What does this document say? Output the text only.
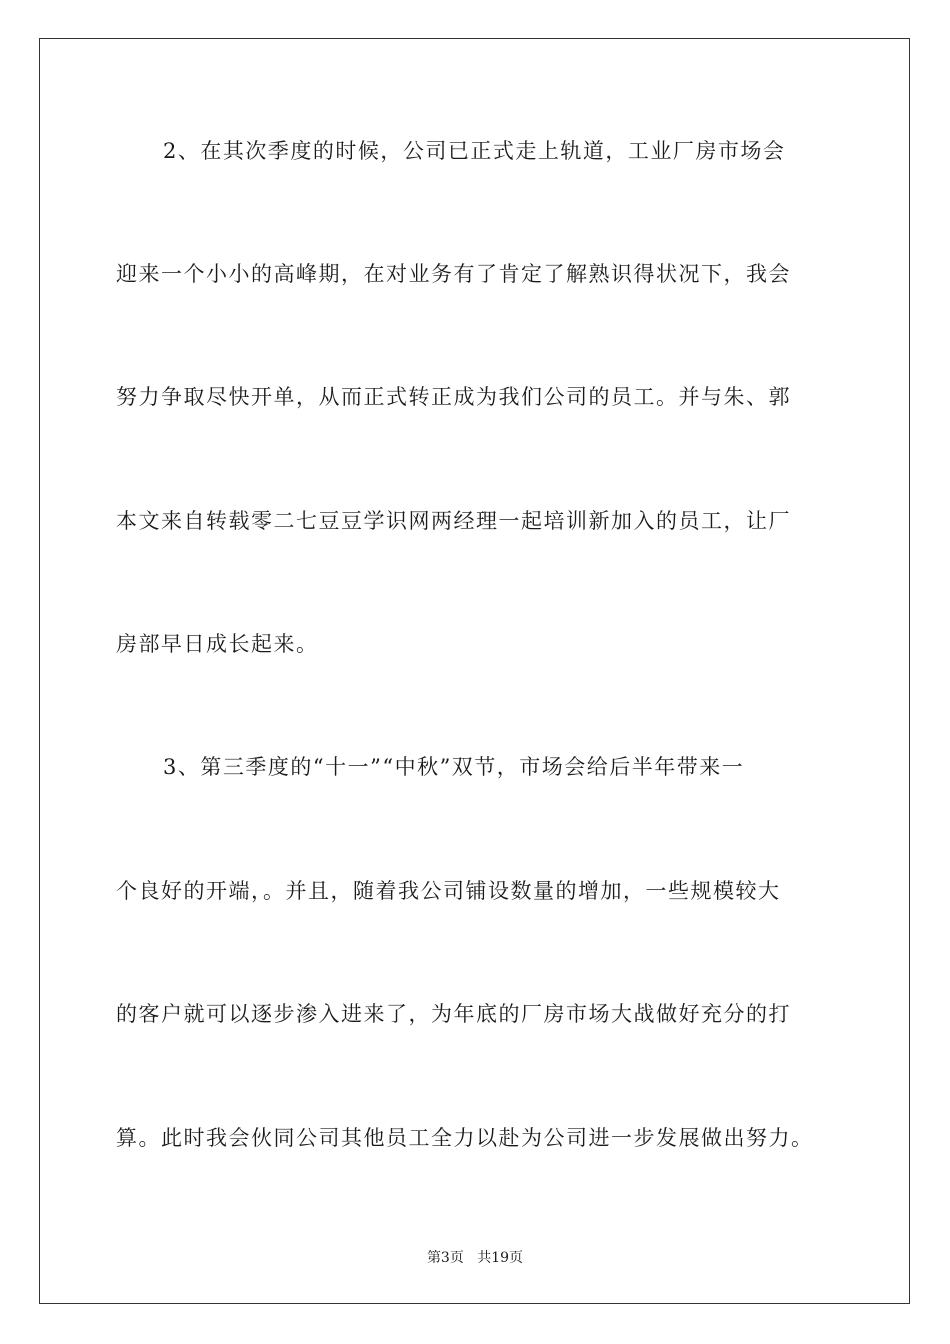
2、在其次季度的时候，公司已正式走上轨道，工业厂房市场会
迎来一个小小的高峰期，在对业务有了肯定了解熟识得状况下，我会
努力争取尽快开单，从而正式转正成为我们公司的员工。并与朱、郭
本文来自转载零二七豆豆学识网两经理一起培训新加入的员工，让厂
房部早日成长起来。
3、第三季度的“十一”“中秋”双节，市场会给后半年带来一
个良好的开端，。并且，随着我公司铺设数量的增加，一些规模较大
的客户就可以逐步渗入进来了，为年底的厂房市场大战做好充分的打
算。此时我会伙同公司其他员工全力以赴为公司进一步发展做出努力。
第3页 共19页
